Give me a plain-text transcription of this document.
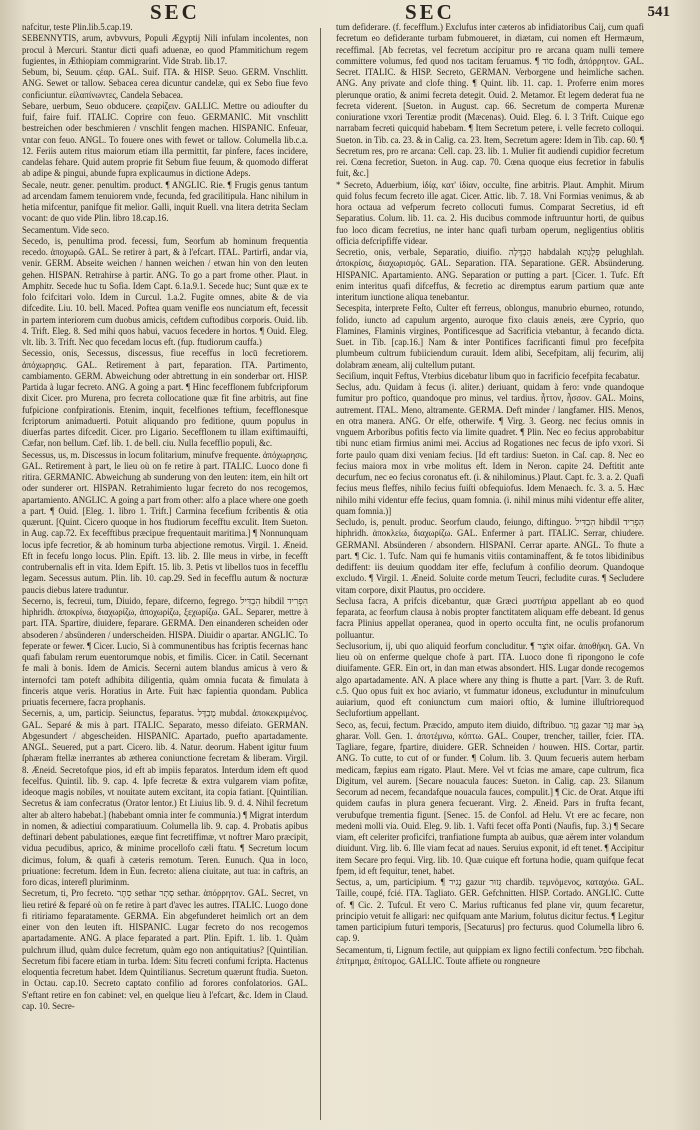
SEC	SEC	541

nafcitur, teste Plin.lib.5.cap.19.

SEBENNYTIS, arum, avbvvurs, Populi Ægyptij Nili infulam incolentes, non procul à Mercuri. Stantur dicti quafi aduenæ, eo quod Pfammitichum regem fugientes, in Æthiopiam commigrarint. Vide Strab. lib.17.

Sebum, bi, Seuum. ϛέαρ. GAL. Suif. ITA. & HISP. Seuo. GERM. Vnschlitt. ANG. Sewet or tallow. Sebacea cerea dicuntur candelæ, qui ex Sebo fiue fevo conficiuntur. εἰλαπίνωντες, Candela Sebacea.

Sebare, uerbum, Seuo obducere. ϛεαρίζειν. GALLIC. Mettre ou adioufter du fuif, faire fuif. ITALIC. Coprire con feuo. GERMANIC. Mit vnschlitt bestreichen oder beschmieren / vnschlit fengen machen. HISPANIC. Enfeuar, vntar con feuo. ANGL. To fouere ones with fewet or tallow. Columella lib.c.a. 12. Feriis autem ritus maiorum etiam illa permittit, far pinfere, faces incidere, candelas fehare. Quid autem proprie fit Sebum fiue feuum, & quomodo differat ab adipe & pingui, abunde fupra explicaumus in dictione Adeps.

Secale, neutr. gener. penultim. product. ¶ ANGLIC. Rie. ¶ Frugis genus tantum ad arcendam famem tenuiorem vnde, fecunda, fed gracilitipula. Hanc nihilum in hetia mifcentur, panifque fit melior. Galli, inquit Ruell. vna litera detrita Seclam vocant: de quo vide Plin. libro 18.cap.16.

Secamentum. Vide seco.

Secedo, is, penultima prod. fecessi, fum, Seorfum ab hominum frequentia recedo. ἀποχωρῶ. GAL. Se retirer à part, & à l'efcart. ITAL. Partirfi, andar via, venir. GERM. Abseite weichen / hannen weichen / etwan hin von den leuten gehen. HISPAN. Retrahirse à partir. ANG. To go a part frome other. Plaut. in Amphitr. Secede huc tu Sofia. Idem Capt. 6.1a.9.1. Secede huc; Sunt quæ ex te folo fcifcitari volo. Idem in Curcul. 1.a.2. Fugite omnes, abite & de via difcedite. Liu. 10. bell. Maced. Poftea quam venifle eos nunciatum eft, fecessit in partem interiorem cum duobus amicis, ceftdem cuftodibus corporis. Ouid. lib. 4. Trift. Eleg. 8. Sed mihi quos habui, vacuos fecedere in hortos. ¶ Ouid. Eleg. vlt. lib. 3. Trift. Nec quo fecedam locus eft. (fup. ftudiorum cauffa.)

Secessio, onis, Secessus, discessus, fiue receffus in locū fecretiorem. ἀπόχωρησις. GAL. Retirement à part, feparation. ITA. Partimento, cambiamento. GERM. Abweichung oder abtrettung in ein sonderbar ort. HISP. Partida à lugar fecreto. ANG. A going a part. ¶ Hinc fecefflonem fubfcripforum dixit Cicer. pro Murena, pro fecreta collocatione quæ fit fine arbitris, aut fine fufpicione confpirationis. Etenim, inquit, fecelfiones teftium, fecefflonesque fcriptorum animaduerti. Potuit aliquando pro feditione, quum populus in diuerfas partes difcedit. Cicer. pro Ligario. Secefflonem tu illam exiftimauifti, Cæfar, non bellum. Cæf. lib. 1. de bell. ciu. Nulla fecefflio populi, &c.

Secessus, us, m. Discessus in locum folitarium, minufve frequente. ἀπόχωρησις. GAL. Retirement à part, le lieu où on fe retire à part. ITALIC. Luoco done fi ritira. GERMANIC. Abweichung ab sunderung von den leuten: item, ein hilt ort oder sunderer ort. HISPAN. Retrahimiento lugar fecreto do nos recogemos, apartamiento. ANGLIC. A going a part from other: alfo a place where one goeth a part. ¶ Ouid. [Eleg. 1. libro 1. Trift.] Carmina fecefium fcribentis & otia quærunt. [Quint. Cicero quoque in hos ftudiorum fecefftu exculit. Item Sueton. in Aug. cap.72. Ex fecefftibus præcipue frequentauit maritima.] ¶ Nonnunquam locus ipfe fecretior, & ab hominum turba abjectione remotus. Virgil. 1. Æneid. Eft in fecefu longo locus. Plin. Epift. 13. lib. 2. Ille meus in virbe, in fecefft contrubernalis eft in vita. Idem Epift. 15. lib. 3. Petis vt libellos tuos in fecefflu legam. Secessus autum. Plin. lib. 10. cap.29. Sed in fecefflu autum & nocturæ paucis diebus latere traduntur.

Secerno, is, fecreui, tum, Diuido, fepare, difcerno, fegrego. הִבְדִּיל hibdil הִפְרִיד hiphridh. ἀποκρίνω, διαχωρίζω, ἀποχωρίζω, ξεχωρίζω. GAL. Separer, mettre à part. ITA. Spartire, diuidere, feparare. GERMA. Den einanderen scheiden oder absoderen / absünderen / underscheiden. HISPA. Diuidir o apartar. ANGLIC. To feperate or fewer. ¶ Cicer. Lucio, Si à communentibus has fcriptis fecernas hanc quafi fabulam rerum euentorumque nobis, et fimilis. Cicer. in Catil. Secernant fe mali à bonis. Idem de Amicis. Secerni autem blandus amicus à vero & internofci tam poteft adhibita diligentia, quàm omnia fucata & fimulata à finceris atque veris. Horatius in Arte. Fuit hæc fapientia quondam. Publica priuatis fecernere, facra prophanis.

Secernis, a, um, particip. Seiunctus, feparatus. מֻבְדָּל mubdal. ἀποκεκριμένος. GAL. Separé & mis à part. ITALIC. Separato, messo difeiato. GERMAN. Abgesundert / abgescheiden. HISPANIC. Apartado, puefto apartadamente. ANGL. Seuered, put a part. Cicero. lib. 4. Natur. deorum. Habent igitur fuum ſphæram ftellæ inerrantes ab ætherea coniunctione fecretam & liberam. Virgil. 8. Æneid. Secretofque pios, id eft ab impiis feparatos. Interdum idem eft quod fecelfus. Quintil. lib. 9. cap. 4. Ipfe fecretæ & extra vulgarem viam pofitæ, ideoque magis nobiles, vt nouitate autem excitant, ita copia fatiant. [Quintilian. Secretus & iam confecratus (Orator lentor.) Et Liuius lib. 9. d. 4. Nihil fecretum alter ab altero habebat.] (habebant omnia inter fe communia.) ¶ Migrat interdum in nomen, & adiectiui comparatiuum. Columella lib. 9. cap. 4. Probatis apibus deftinari debent pabulationes, eæque fint fecretiffimæ, vt noftrer Maro præcipit, vidua pecudibus, aprico, & minime procellofo cæli ftatu. ¶ Secretum locum dicimus, folum, & quafi à cæteris remotum. Teren. Eunuch. Qua in loco, priuatione: fecretum. Idem in Eun. fecreto: aliena ciuitate, aut tua: in caftris, an foro dicas, interefl pluriminm.

Secretum, ti, Pro fecreto. סֵתֶר sethar סְתָר sethar. ἀπόρρητον. GAL. Secret, vn lieu retiré & feparé où on fe retire à part d'avec les autres. ITALIC. Luogo done fi ritiriamo feparatamente. GERMA. Ein abgefunderet heimlich ort an dem einer von den leuten ift. HISPANIC. Lugar fecreto do nos recogemos apartadamente. ANG. A place feparated a part. Plin. Epift. 1. lib. 1. Quàm pulchrum illud, quàm dulce fecretum, quàm ego non antiquitatius? [Quintilian. Secretum fibi facere etiam in turba. Idem: Situ fecreti confumi fcripta. Hactenus eloquentia fecretum habet. Idem Quintilianus. Secretum quærunt ftudia. Sueton. in Octau. cap.10. Secreto captato confilio ad forores confolatorios. GAL. S'eftant retire en fon cabinet: vel, en quelque lieu à l'efcart, &c. Idem in Claud. cap. 10. Secre-

tum defiderare. (f. fecefflum.) Exclufus inter cæteros ab infidiatoribus Caij, cum quafi fecretum eo defiderante turbam fubmoueret, in diætam, cui nomen eft Hermæum, receffimal. [Ab fecretas, vel fecretum accipitur pro re arcana quam nulli temere committere volumus, fed quod nos tacitam feruamus. ¶ סוֹד fodh, ἀπόρρητον. GAL. Secret. ITALIC. & HISP. Secreto, GERMAN. Verborgene und heimliche sachen. ANG. Any private and clofe thing. ¶ Quint. lib. 11. cap. 1. Proferre enim mores plerunque oratio, & animi fecreta detegit. Ouid. 2. Metamor. Et legem dederat fua ne fecreta viderent. [Sueton. in August. cap. 66. Secretum de comperta Murenæ coniuratione vxori Terentiæ prodit (Mæcenas). Ouid. Eleg. 6. l. 3 Trift. Cuique ego narrabam fecreti quicquid habebam. ¶ Item Secretum petere, i. velle fecreto colloqui. Sueton. in Tib. ca. 23. & in Calig. ca. 23. Item, Secretum agere: Idem in Tib. cap. 60. ¶ Secretum res, pro re arcana: Cell. cap. 23. lib. 1. Mulier fit audiendi cupidior fecretum rei. Cœna fecretior, Sueton. in Aug. cap. 70. Cœna quoque eius fecretior in fabulis fuit, &c.]

* Secreto, Aduerbium, ἰδίᾳ, κατ' ἰδίαν, occulte, fine arbitris. Plaut. Amphit. Mirum quid folus fecum fecreto ille agat. Cicer. Attic. lib. 7. 18. Vni Formias venimus, & ab hora octaua ad vefperum fecreto collocuti fumus. Comparat Secretius, id eft Separatius. Colum. lib. 11. ca. 2. His ducibus commode inftruuntur horti, de quibus fuo loco dicam fecretius, ne inter hanc quafi turbam operum, negligentius oblitis officia defcripfiffe videar.

Secretio, onis, verbale, Separatio, diuifio. הַבְדָּלָה habdalah פְּלֻגְתָּא pelughlah. ἀποκρίσις, διαχωρισμός. GAL. Separation. ITA. Separatione. GER. Absünderung. HISPANIC. Apartamiento. ANG. Separation or putting a part. [Cicer. 1. Tufc. Eft enim interitus quafi difceffus, & fecretio ac diremptus earum partium quæ ante interitum iunctione aliqua tenebantur.

Secespita, interprete Feſto, Culter eft ferreus, oblongus, manubrio eburneo, rotundo, folido, iuncto ad capulum argento, auroque fixo clauis æneis, ære Cyprio, quo Flamines, Flaminis virgines, Pontificesque ad Sacrificia vtebantur, à fecando dicta. Suet. in Tib. [cap.16.] Nam & inter Pontifices facrificanti fimul pro fecefpita plumbeum cultrum fubiiciendum curauit. Idem alibi, Secefpitam, alij fecurim, alij dolabram æneam, alij cultellum putant.

Seciſium, inquit Feftus, Vterbius dicebatur libum quo in facrificio fecefpita fecabatur.

Seclus, adu. Quidam à fecus (i. aliter.) deriuant, quidam à fero: vnde quandoque fumitur pro poftico, quandoque pro minus, vel tardius. ἧττον, ἧσσον. GAL. Moins, autrement. ITAL. Meno, altramente. GERMA. Deft minder / langfamer. HIS. Menos, en otra manera. ANG. Or elfe, otherwife. ¶ Virg. 3. Georg. nec fecius omnis in vnguem Arboribus pofitis fecto via limite quadret. ¶ Plin. Nec eo fecius approbabitur tibi nunc etiam firmius animi mei. Accius ad Rogationes nec fecus de ipfo vxori. Si forte paulo quam dixi veniam fecius. [Id eft tardius: Sueton. in Caſ. cap. 8. Nec eo fecius maiora mox in vrbe molitus eft. Idem in Neron. capite 24. Deftitit ante decurfum, nec eo fecius coronatus eft. (i. & nihilominus.) Plaut. Capt. fc. 3. a. 2. Quafi fecius meus fleffes, nihilo fecius fuiſti obfequiofus. Idem Menaech. fc. 3. a. 5. Hæc nihilo mihi videntur effe fecius, quam fomnia. (i. nihil minus mihi videntur effe aliter, quam fomnia.)]

Secludo, is, penult. produc. Seorfum claudo, feiungo, diftinguo. הִבְדִּיל hibdil הִפְרִיד hiphridh. ἀποκλείω, διαχωρίζω. GAL. Enfermer à part. ITALIC. Serrar, chiudere. GERMANI. Absünderen / absondern. HISPANI. Cerrar aparte. ANGL. To fhute a part. ¶ Cic. 1. Tufc. Nam qui fe humanis vitiis contaminaffent, & fe totos libidinibus dediffent: iis deuium quoddam iter effe, feclufum à confilio deorum. Quandoque excludo. ¶ Virgil. 1. Æneid. Soluite corde metum Teucri, fecludite curas. ¶ Secludere vitam corpore, dixit Plautus, pro occidere.

Seclusa facra, A prifcis dicebantur, quæ Græci μυστήρια appellant ab eo quod feparata, ac feorfum clausa à nobis propter fanctitatem aliquam effe debeant. Id genus facra Plinius appellat operanea, quod in operto occulta fint, ne oculis profanorum polluantur.

Seclusorium, ij, ubi quo aliquid feorfum concluditur. ¶ אוֹצָר oifar. ἀποθήκη. GA. Vn lieu où on enferme quelque chofe à part. ITA. Luoco done fi ripongono le cofe diuifamente. GER. Ein ort, in dan man etwas absondert. HIS. Lugar donde recogemos algo apartadamente. AN. A place where any thing is fhutte a part. [Varr. 3. de Ruft. c.5. Quo opus fuit ex hoc aviario, vt fummatur idoneus, excluduntur in minufculum auiarium, quod eft coniunctum cum maiori oftio, & lumine illuſtriorequod Seclufortium appellant.

Seco, as, fecui, fectum. Præcido, amputo item diuido, diftribuo. גָזַר gazar גָּזַר mar ܓܙܪ gharar. Voll. Gen. 1. ἀποτέμνω, κόπτω. GAL. Couper, trencher, tailler, fcier. ITA. Tagliare, fegare, fpartire, diuidere. GER. Schneiden / houwen. HIS. Cortar, partir. ANG. To cutte, to cut of or funder. ¶ Colum. lib. 3. Quum fecueris autem herbam medicam, fæpius eam rigato. Plaut. Mere. Vel vt fcias me amare, cape cultrum, fica Digitum, vel aurem. [Secare nouacula fauces: Sueton. in Calig. cap. 23. Silanum Secorum ad necem, fecandafque nouacula fauces, compulit.] ¶ Cic. de Orat. Atque ifti quidem caufas in plura genera fecuerant. Virg. 2. Æneid. Pars in frufta fecant, verubufque trementia figunt. [Senec. 15. de Confol. ad Helu. Vt ere ac fecare, non medeni molli via. Ouid. Eleg. 9. lib. 1. Vafti fecet offa Ponti (Naufis, fup. 3.) ¶ Secare viam, eft celeriter proficifci, tranfiatione fumpta ab auibus, quæ aërem inter volandum diuidunt. Virg. lib. 6. Ille viam fecat ad naues. Seruius exponit, id eft tenet. ¶ Accipitur item Secare pro fequi. Virg. lib. 10. Quæ cuique eft fortuna hodie, quam quifque fecat fpem, id eft fequitur, tenet, habet.

Sectus, a, um, participium. ¶ נָגִיר gazur גָּזוּר chardib. τεμνόμενος, καταχόω. GAL. Taille, coupé, fcié. ITA. Tagliato. GER. Gefchnitten. HISP. Cortado. ANGLIC. Cutte of. ¶ Cic. 2. Tufcul. Et vero C. Marius rufticanus fed plane vir, quum fecaretur, principio vetuit fe alligari: nec quifquam ante Marium, folutus dicitur fectus. ¶ Legitur tamen participium futuri temporis, [Secaturus] pro fecturus. quod Columella libro 6. cap. 9.

Secamentum, ti, Lignum fectile, aut quippiam ex ligno fectili confectum. ספל fibchah. ἐπίτμημα, ἐπίτομος. GALLIC. Toute affiete ou rongneure
